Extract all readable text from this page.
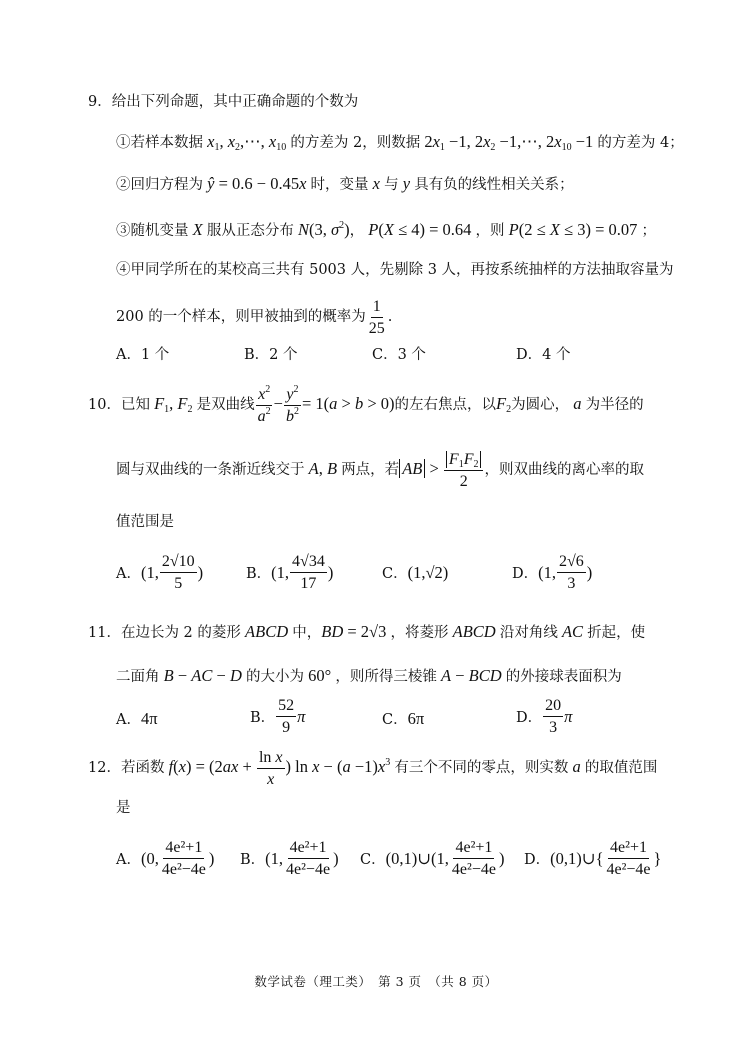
9．给出下列命题，其中正确命题的个数为
①若样本数据 $x_1$, $x_2,\cdots$, $x_{10}$ 的方差为 2，则数据 $2x_1 -1$, $2x_2$ −1,⋯, $2x_{10} -1$ 的方差为 4；
②回归方程为 ŷ = 0.6 − 0.45x 时，变量 x 与 y 具有负的线性相关关系；
③随机变量 X 服从正态分布 N(3, $\sigma^2$)， P(X ≤ 4) = 0.64 ，则 P(2 ≤ X ≤ 3) = 0.07 ；
④甲同学所在的某校高三共有 5003 人，先剔除 3 人，再按系统抽样的方法抽取容量为
200 的一个样本，则甲被抽到的概率为 $\frac{1}{25}$ .
A．1 个	B．2 个	C．3 个	D．4 个
10．已知 $F_1$, $F_2$ 是双曲线 $\frac{x^2}{a^2} - \frac{y^2}{b^2} = 1(a > b > 0)$的左右焦点，以$F_2$为圆心， a 为半径的
圆与双曲线的一条渐近线交于 A, B 两点，若 AB > $\frac{F_1F_2}{2}$ ，则双曲线的离心率的取
值范围是
A． (1,
2√10
5
)	B． (1,
4√34
17
)	C． (1,√2)	D． (1,
2√6
3
)
11．在边长为 2 的菱形 ABCD 中，BD = 2√3 ，将菱形 ABCD 沿对角线 AC 折起，使
二面角 B − AC − D 的大小为 60° ，则所得三棱锥 A − BCD 的外接球表面积为
A． 4π	B．
52
9
π	C． 6π	D．
20
3
π
12．若函数 $f(x) = (2ax + \frac{\text{ln x}}{x}$ ) $\ln x - (a -1)x^3$ 有三个不同的零点，则实数 a 的取值范围
是
A． (0,
4e²+1
4e²−4e
) B． (1,
4e²+1
4e²−4e
) C． (0,1)∪(1,
4e²+1
4e²−4e
) D． (0,1)∪{
4e²+1
4e²−4e
}
数学试卷（理工类）　第 3 页　（共 8 页）
